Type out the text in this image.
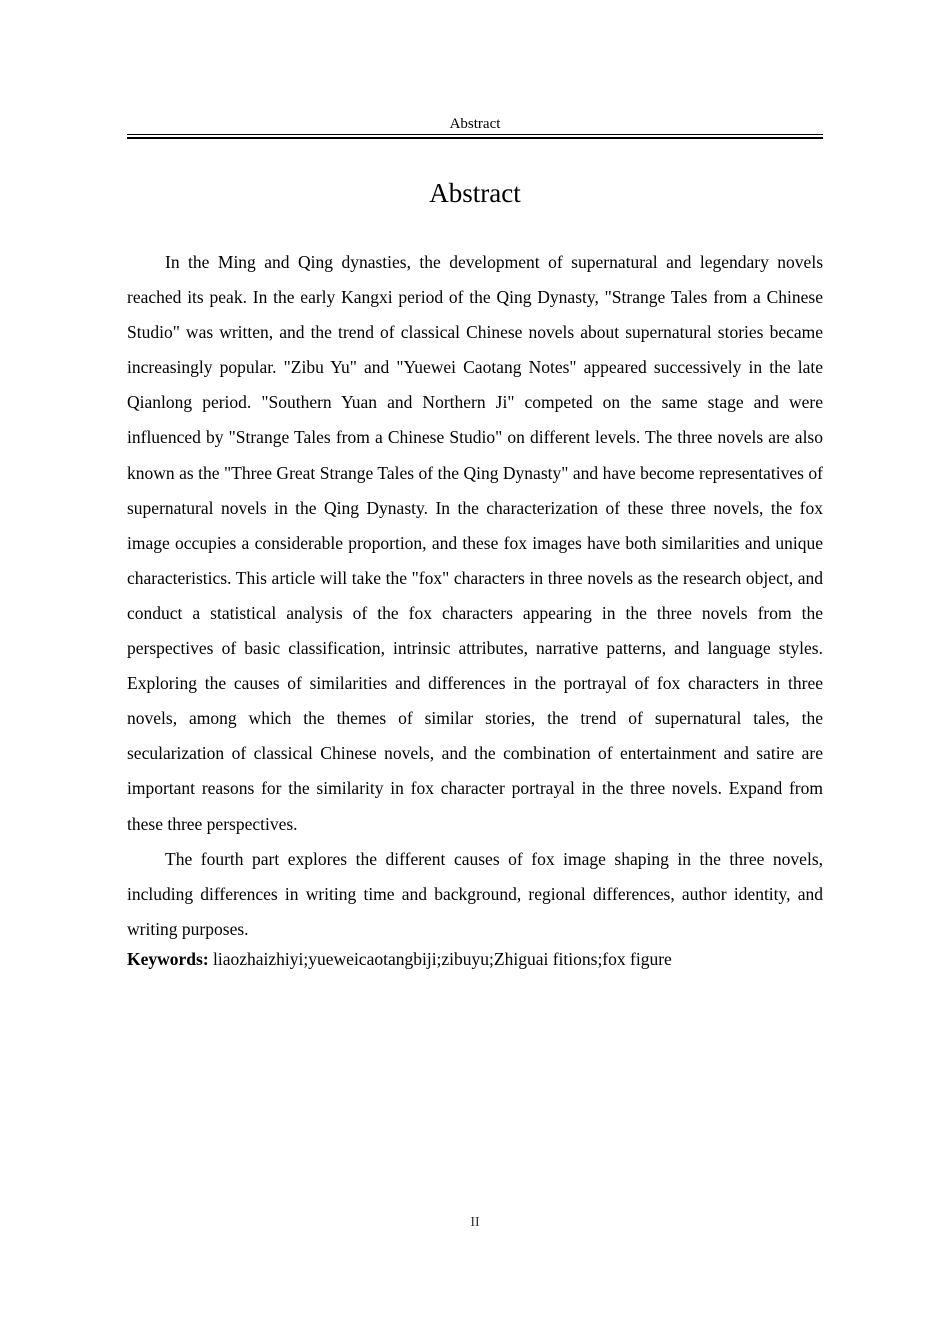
Abstract
Abstract

In the Ming and Qing dynasties, the development of supernatural and legendary novels reached its peak. In the early Kangxi period of the Qing Dynasty, "Strange Tales from a Chinese Studio" was written, and the trend of classical Chinese novels about supernatural stories became increasingly popular. "Zibu Yu" and "Yuewei Caotang Notes" appeared successively in the late Qianlong period. "Southern Yuan and Northern Ji" competed on the same stage and were influenced by "Strange Tales from a Chinese Studio" on different levels. The three novels are also known as the "Three Great Strange Tales of the Qing Dynasty" and have become representatives of supernatural novels in the Qing Dynasty. In the characterization of these three novels, the fox image occupies a considerable proportion, and these fox images have both similarities and unique characteristics. This article will take the "fox" characters in three novels as the research object, and conduct a statistical analysis of the fox characters appearing in the three novels from the perspectives of basic classification, intrinsic attributes, narrative patterns, and language styles. Exploring the causes of similarities and differences in the portrayal of fox characters in three novels, among which the themes of similar stories, the trend of supernatural tales, the secularization of classical Chinese novels, and the combination of entertainment and satire are important reasons for the similarity in fox character portrayal in the three novels. Expand from these three perspectives.

The fourth part explores the different causes of fox image shaping in the three novels, including differences in writing time and background, regional differences, author identity, and writing purposes.

Keywords: liaozhaizhiyi;yueweicaotangbiji;zibuyu;Zhiguai fitions;fox figure
II
